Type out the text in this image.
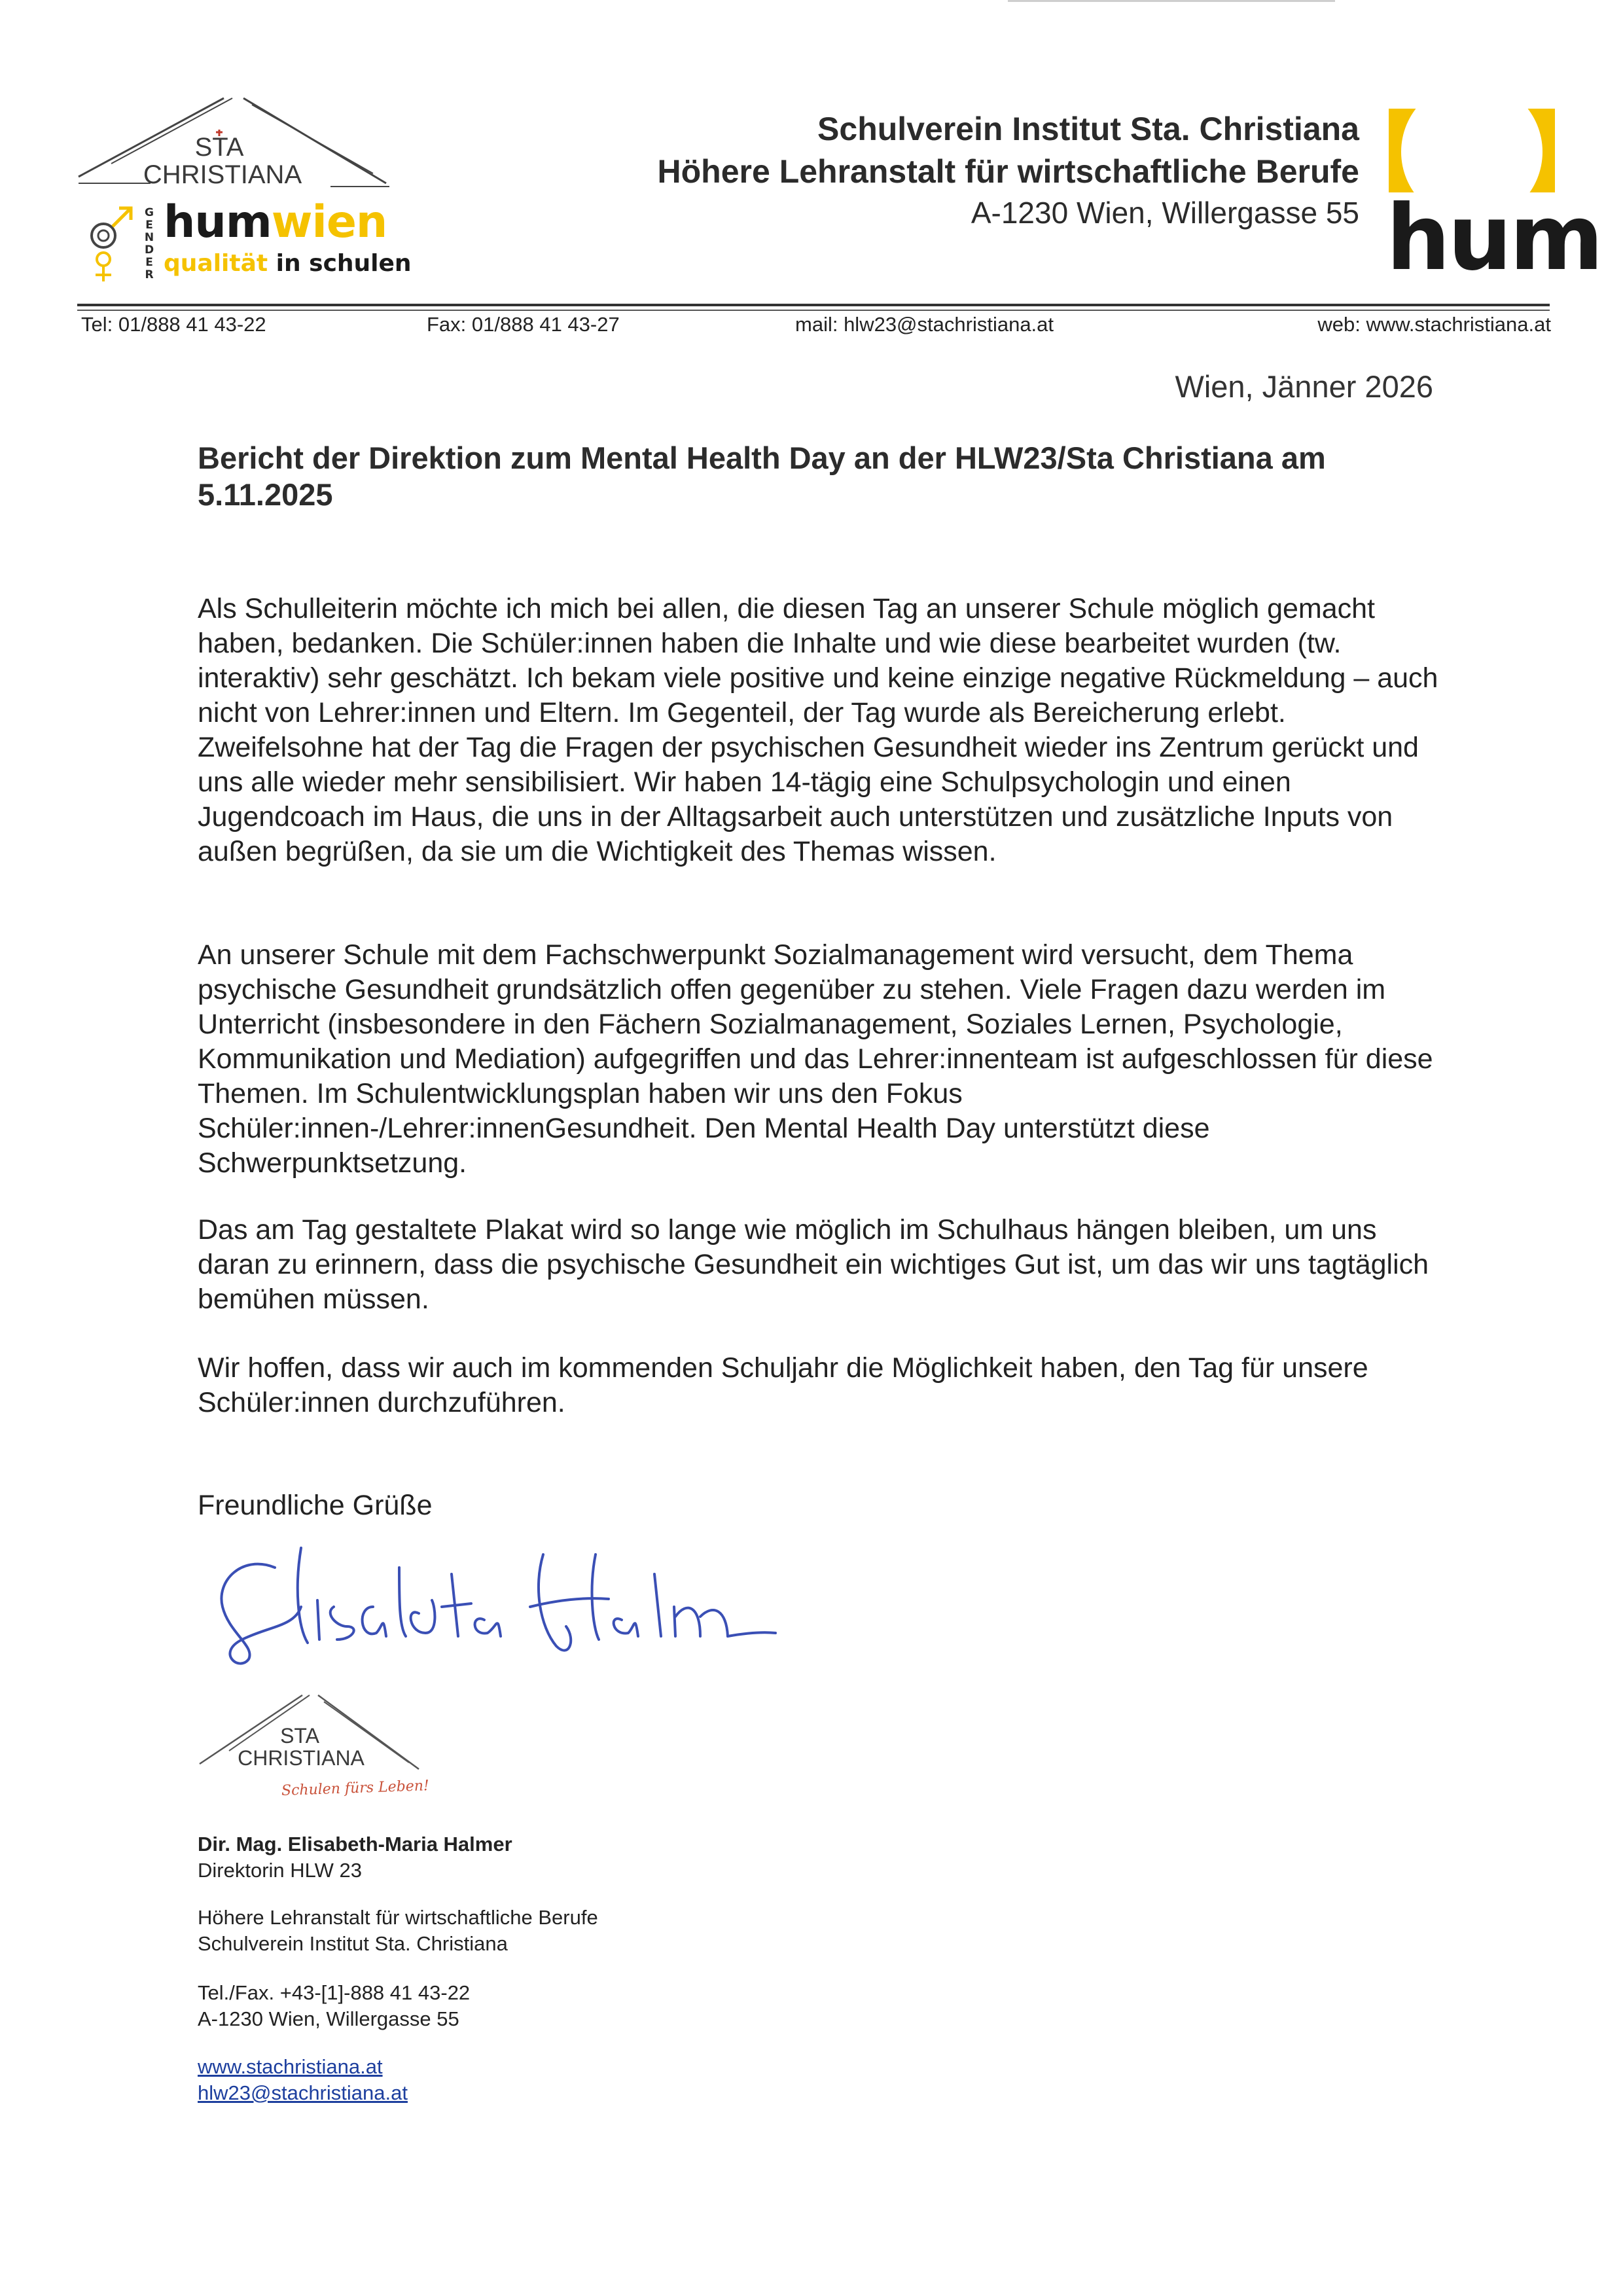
STA
CHRISTIANA
G
E
N
D
E
R
humwien
qualität in schulen
Schulverein Institut Sta. Christiana
Höhere Lehranstalt für wirtschaftliche Berufe
A-1230 Wien, Willergasse 55 hum
Tel: 01/888 41 43-22	Fax: 01/888 41 43-27	mail: hlw23@stachristiana.at	web: www.stachristiana.at
Wien, Jänner 2026
Bericht der Direktion zum Mental Health Day an der HLW23/Sta Christiana am 5.11.2025

Als Schulleiterin möchte ich mich bei allen, die diesen Tag an unserer Schule möglich gemacht haben, bedanken. Die Schüler:innen haben die Inhalte und wie diese bearbeitet wurden (tw. interaktiv) sehr geschätzt. Ich bekam viele positive und keine einzige negative Rückmeldung – auch nicht von Lehrer:innen und Eltern. Im Gegenteil, der Tag wurde als Bereicherung erlebt. Zweifelsohne hat der Tag die Fragen der psychischen Gesundheit wieder ins Zentrum gerückt und uns alle wieder mehr sensibilisiert. Wir haben 14-tägig eine Schulpsychologin und einen Jugendcoach im Haus, die uns in der Alltagsarbeit auch unterstützen und zusätzliche Inputs von außen begrüßen, da sie um die Wichtigkeit des Themas wissen.

An unserer Schule mit dem Fachschwerpunkt Sozialmanagement wird versucht, dem Thema psychische Gesundheit grundsätzlich offen gegenüber zu stehen. Viele Fragen dazu werden im Unterricht (insbesondere in den Fächern Sozialmanagement, Soziales Lernen, Psychologie, Kommunikation und Mediation) aufgegriffen und das Lehrer:innenteam ist aufgeschlossen für diese Themen. Im Schulentwicklungsplan haben wir uns den Fokus Schüler:innen-/Lehrer:innenGesundheit. Den Mental Health Day unterstützt diese Schwerpunktsetzung.

Das am Tag gestaltete Plakat wird so lange wie möglich im Schulhaus hängen bleiben, um uns daran zu erinnern, dass die psychische Gesundheit ein wichtiges Gut ist, um das wir uns tagtäglich bemühen müssen.

Wir hoffen, dass wir auch im kommenden Schuljahr die Möglichkeit haben, den Tag für unsere Schüler:innen durchzuführen.

Freundliche Grüße
STA
CHRISTIANA
Schulen fürs Leben!
Dir. Mag. Elisabeth-Maria Halmer
Direktorin HLW 23
Höhere Lehranstalt für wirtschaftliche Berufe
Schulverein Institut Sta. Christiana
Tel./Fax. +43-[1]-888 41 43-22
A-1230 Wien, Willergasse 55
www.stachristiana.at
hlw23@stachristiana.at
